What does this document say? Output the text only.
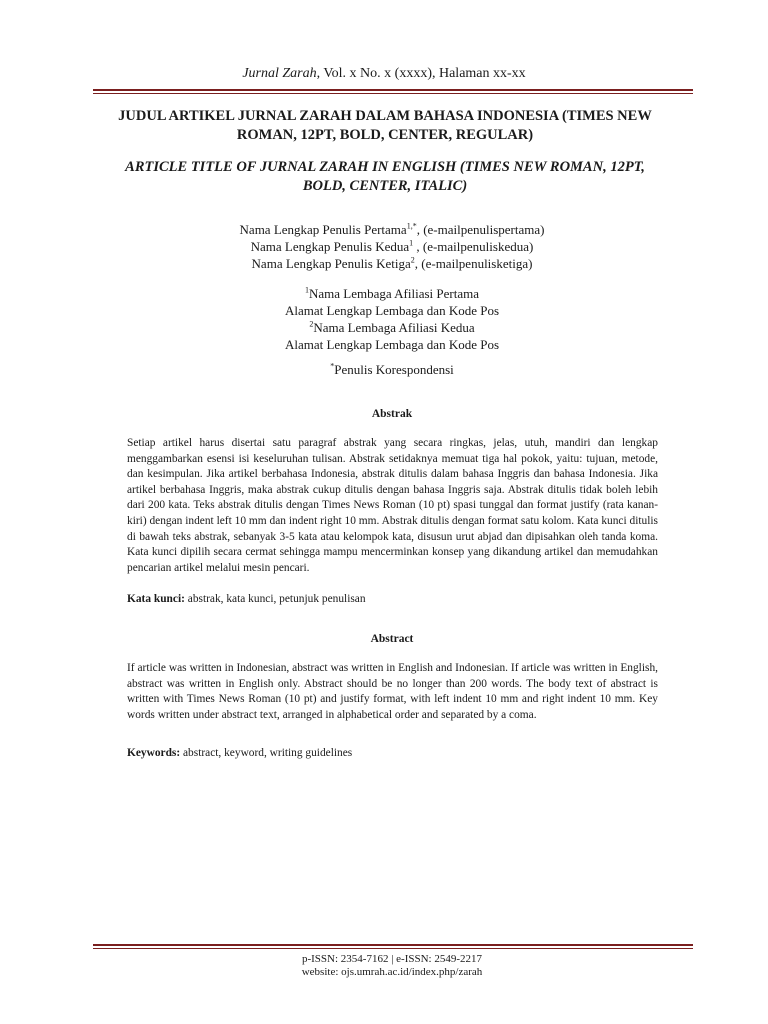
Jurnal Zarah, Vol. x No. x (xxxx), Halaman xx-xx
JUDUL ARTIKEL JURNAL ZARAH DALAM BAHASA INDONESIA (TIMES NEW ROMAN, 12PT, BOLD, CENTER, REGULAR)
ARTICLE TITLE OF JURNAL ZARAH IN ENGLISH (TIMES NEW ROMAN, 12PT, BOLD, CENTER, ITALIC)
Nama Lengkap Penulis Pertama$^{1,*}$, (e-mailpenulispertama)
Nama Lengkap Penulis Kedua$^1$ , (e-mailpenuliskedua)
Nama Lengkap Penulis Ketiga$^2$, (e-mailpenulisketiga)
$^1$Nama Lembaga Afiliasi Pertama
Alamat Lengkap Lembaga dan Kode Pos
$^2$Nama Lembaga Afiliasi Kedua
Alamat Lengkap Lembaga dan Kode Pos
*Penulis Korespondensi
Abstrak
Setiap artikel harus disertai satu paragraf abstrak yang secara ringkas, jelas, utuh, mandiri dan lengkap menggambarkan esensi isi keseluruhan tulisan. Abstrak setidaknya memuat tiga hal pokok, yaitu: tujuan, metode, dan kesimpulan. Jika artikel berbahasa Indonesia, abstrak ditulis dalam bahasa Inggris dan bahasa Indonesia. Jika artikel berbahasa Inggris, maka abstrak cukup ditulis dengan bahasa Inggris saja. Abstrak ditulis tidak boleh lebih dari 200 kata. Teks abstrak ditulis dengan Times News Roman (10 pt) spasi tunggal dan format justify (rata kanan-kiri) dengan indent left 10 mm dan indent right 10 mm. Abstrak ditulis dengan format satu kolom. Kata kunci ditulis di bawah teks abstrak, sebanyak 3-5 kata atau kelompok kata, disusun urut abjad dan dipisahkan oleh tanda koma. Kata kunci dipilih secara cermat sehingga mampu mencerminkan konsep yang dikandung artikel dan memudahkan pencarian artikel melalui mesin pencari.
Kata kunci: abstrak, kata kunci, petunjuk penulisan
Abstract
If article was written in Indonesian, abstract was written in English and Indonesian. If article was written in English, abstract was written in English only. Abstract should be no longer than 200 words. The body text of abstract is written with Times News Roman (10 pt) and justify format, with left indent 10 mm and right indent 10 mm. Key words written under abstract text, arranged in alphabetical order and separated by a coma.
Keywords: abstract, keyword, writing guidelines
p-ISSN: 2354-7162 | e-ISSN: 2549-2217
website: ojs.umrah.ac.id/index.php/zarah
